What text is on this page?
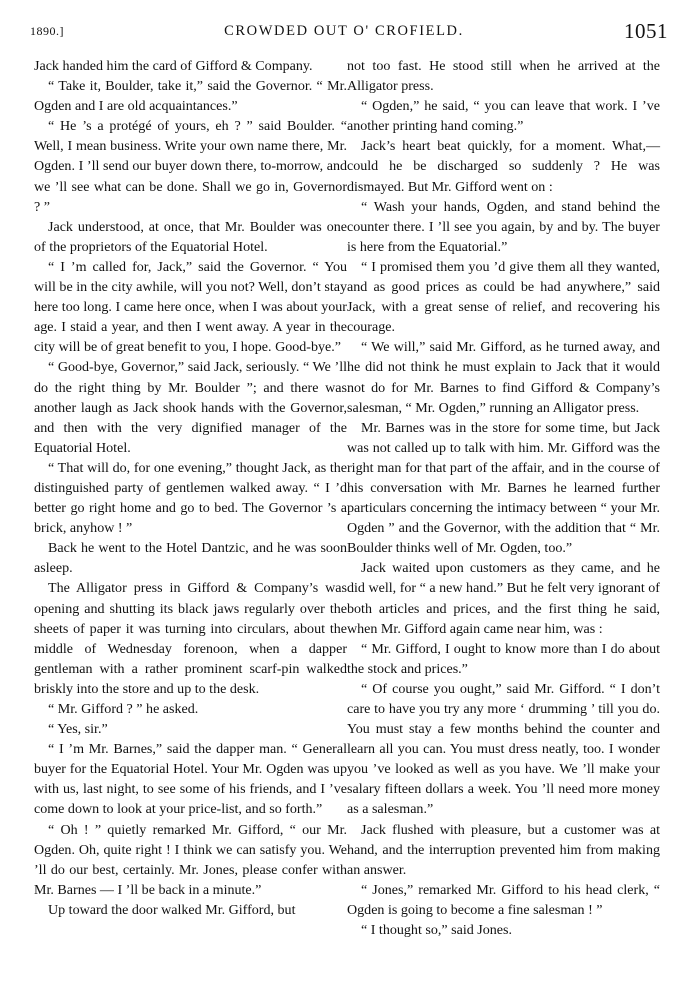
1890.]	CROWDED OUT O' CROFIELD.	1051

Jack handed him the card of Gifford & Company.

“ Take it, Boulder, take it,” said the Governor. “ Mr. Ogden and I are old acquaintances.”

“ He ’s a protégé of yours, eh ? ” said Boulder. “ Well, I mean business. Write your own name there, Mr. Ogden. I ’ll send our buyer down there, to-morrow, and we ’ll see what can be done. Shall we go in, Governor ? ”

Jack understood, at once, that Mr. Boulder was one of the proprietors of the Equatorial Hotel.

“ I ’m called for, Jack,” said the Governor. “ You will be in the city awhile, will you not? Well, don’t stay here too long. I came here once, when I was about your age. I staid a year, and then I went away. A year in the city will be of great benefit to you, I hope. Good-bye.”

“ Good-bye, Governor,” said Jack, seriously. “ We ’ll do the right thing by Mr. Boulder ”; and there was another laugh as Jack shook hands with the Governor, and then with the very dignified manager of the Equatorial Hotel.

“ That will do, for one evening,” thought Jack, as the distinguished party of gentlemen walked away. “ I ’d better go right home and go to bed. The Governor ’s a brick, anyhow ! ”

Back he went to the Hotel Dantzic, and he was soon asleep.

The Alligator press in Gifford & Company’s was opening and shutting its black jaws regularly over the sheets of paper it was turning into circulars, about the middle of Wednesday forenoon, when a dapper gentleman with a rather prominent scarf-pin walked briskly into the store and up to the desk.

“ Mr. Gifford ? ” he asked.

“ Yes, sir.”

“ I ’m Mr. Barnes,” said the dapper man. “ General buyer for the Equatorial Hotel. Your Mr. Ogden was up with us, last night, to see some of his friends, and I ’ve come down to look at your price-list, and so forth.”

“ Oh ! ” quietly remarked Mr. Gifford, “ our Mr. Ogden. Oh, quite right ! I think we can satisfy you. We ’ll do our best, certainly. Mr. Jones, please confer with Mr. Barnes — I ’ll be back in a minute.”

Up toward the door walked Mr. Gifford, but

not too fast. He stood still when he arrived at the Alligator press.

“ Ogden,” he said, “ you can leave that work. I ’ve another printing hand coming.”

Jack’s heart beat quickly, for a moment. What,— could he be discharged so suddenly ? He was dismayed. But Mr. Gifford went on :

“ Wash your hands, Ogden, and stand behind the counter there. I ’ll see you again, by and by. The buyer is here from the Equatorial.”

“ I promised them you ’d give them all they wanted, and as good prices as could be had anywhere,” said Jack, with a great sense of relief, and recovering his courage.

“ We will,” said Mr. Gifford, as he turned away, and he did not think he must explain to Jack that it would not do for Mr. Barnes to find Gifford & Company’s salesman, “ Mr. Ogden,” running an Alligator press.

Mr. Barnes was in the store for some time, but Jack was not called up to talk with him. Mr. Gifford was the right man for that part of the affair, and in the course of his conversation with Mr. Barnes he learned further particulars concerning the intimacy between “ your Mr. Ogden ” and the Governor, with the addition that “ Mr. Boulder thinks well of Mr. Ogden, too.”

Jack waited upon customers as they came, and he did well, for “ a new hand.” But he felt very ignorant of both articles and prices, and the first thing he said, when Mr. Gifford again came near him, was :

“ Mr. Gifford, I ought to know more than I do about the stock and prices.”

“ Of course you ought,” said Mr. Gifford. “ I don’t care to have you try any more ‘ drumming ’ till you do. You must stay a few months behind the counter and learn all you can. You must dress neatly, too. I wonder you ’ve looked as well as you have. We ’ll make your salary fifteen dollars a week. You ’ll need more money as a salesman.”

Jack flushed with pleasure, but a customer was at hand, and the interruption prevented him from making an answer.

“ Jones,” remarked Mr. Gifford to his head clerk, “ Ogden is going to become a fine salesman ! ”

“ I thought so,” said Jones.
